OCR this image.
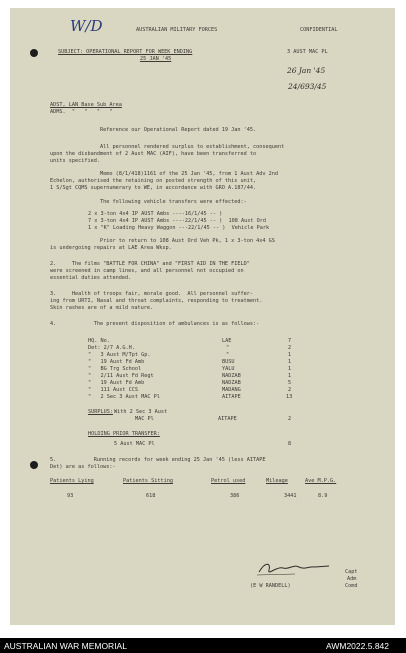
W/D	AUSTRALIAN MILITARY FORCES	CONFIDENTIAL
SUBJECT: OPERATIONAL REPORT FOR WEEK ENDING
25 JAN '45
3 AUST MAC PL
26 Jan '45
24/693/45
ADST, LAN Base Sub Area
ADMS.  "   "   "   "
Reference our Operational Report dated 19 Jan '45.
All personnel rendered surplus to establishment, consequent
upon the disbandment of 2 Aust MAC (AIF), have been transferred to
units specified.
Memo (8/1/418)1161 of the 25 Jan '45, from 1 Aust Adv 2nd
Echelon, authorised the retaining on posted strength of this unit,
1 S/Sgt CQMS supernumerary to WE, in accordance with GRO A.187/44.
The following vehicle transfers were effected:-
2 x 3-ton 4x4 IP AUST Ambs ----16/1/45 -- )
7 x 3-ton 4x4 IP AUST Ambs ----22/1/45 -- )  108 Aust Ord
1 x "K" Loading Heavy Waggon ---22/1/45 -- )  Vehicle Park
Prior to return to 108 Aust Ord Veh Pk, 1 x 3-ton 4x4 GS
is undergoing repairs at LAE Area Wksp.
2.     The films "BATTLE FOR CHINA" and "FIRST AID IN THE FIELD"
were screened in camp lines, and all personnel not occupied on
essential duties attended.
3.     Health of troops fair, morale good.  All personnel suffer-
ing from URTI, Nasal and throat complaints, responding to treatment.
Skin rashes are of a mild nature.
4.            The present disposition of ambulances is as follows:-
HQ. No.	LAE	7
Det: 2/7 A.G.H.	"	2
"   3 Aust M/Tpt Gp.	"	1
"   19 Aust Fd Amb	BUSU	1
"   BG Trg School	YALU	1
"   2/11 Aust Fd Regt	NADZAB	1
"   19 Aust Fd Amb	NADZAB	5
"   111 Aust CCS	MADANG	2
"   2 Sec 3 Aust MAC Pl	AITAPE	13
SURPLUS: With 2 Sec 3 Aust
MAC Pl	AITAPE	2
HOLDING PRIOR TRANSFER:
5 Aust MAC Pl	8
5.            Running records for week ending 25 Jan '45 (less AITAPE
Det) are as follows:-
Patients Lying	Patients Sitting	Petrol used	Mileage	Ave M.P.G.
93	618	386	3441	8.9
(E W RANDELL)
Capt
Adm
Comd
AUSTRALIAN WAR MEMORIAL	AWM2022.5.842
